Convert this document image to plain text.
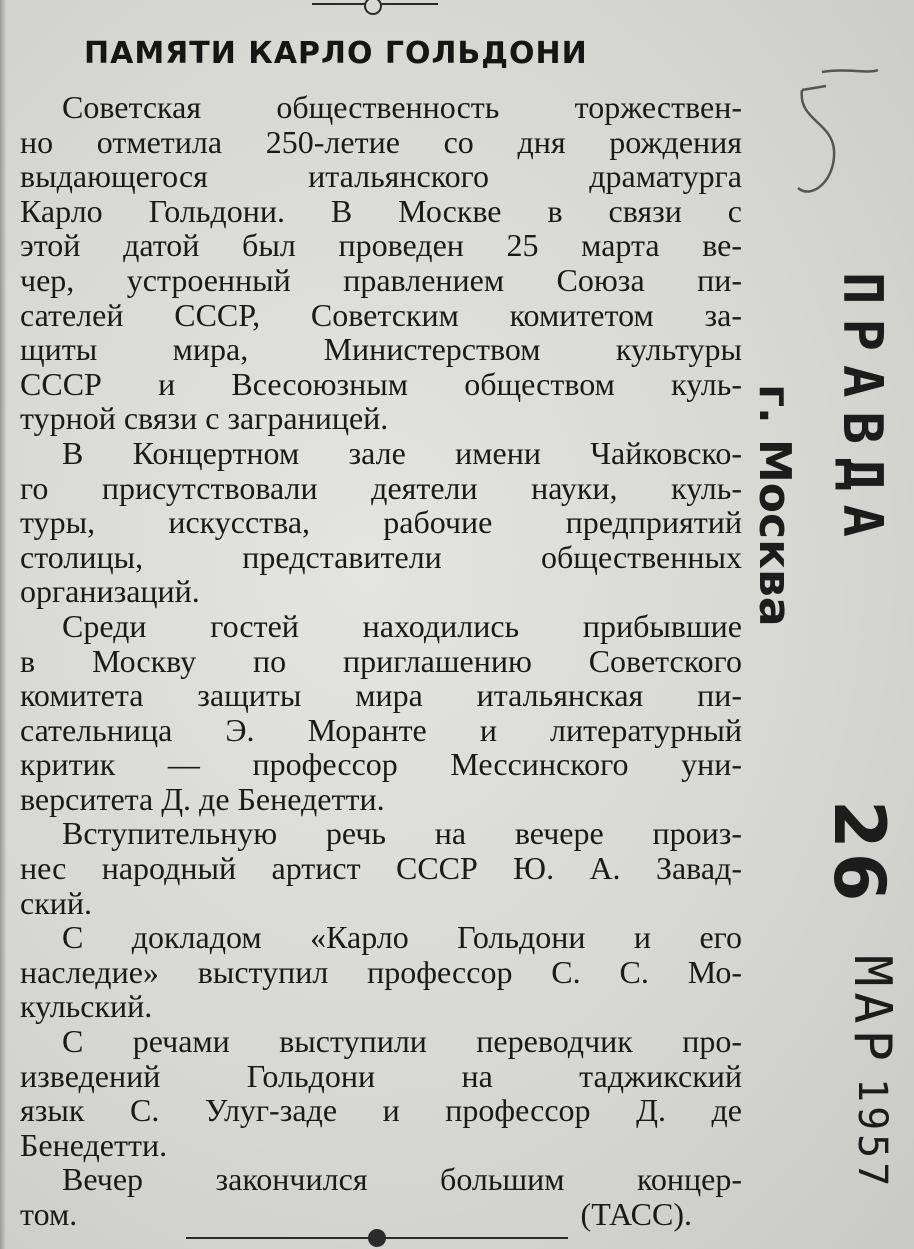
ПАМЯТИ КАРЛО ГОЛЬДОНИ
Советская общественность торжествен-
но отметила 250-летие со дня рождения
выдающегося итальянского драматурга
Карло Гольдони. В Москве в связи с
этой датой был проведен 25 марта ве-
чер, устроенный правлением Союза пи-
сателей СССР, Советским комитетом за-
щиты мира, Министерством культуры
СССР и Всесоюзным обществом куль-
турной связи с заграницей.
В Концертном зале имени Чайковско-
го присутствовали деятели науки, куль-
туры, искусства, рабочие предприятий
столицы, представители общественных
организаций.
Среди гостей находились прибывшие
в Москву по приглашению Советского
комитета защиты мира итальянская пи-
сательница Э. Моранте и литературный
критик — профессор Мессинского уни-
верситета Д. де Бенедетти.
Вступительную речь на вечере произ-
нес народный артист СССР Ю. А. Завад-
ский.
С докладом «Карло Гольдони и его
наследие» выступил профессор С. С. Мо-
кульский.
С речами выступили переводчик про-
изведений Гольдони на таджикский
язык С. Улуг-заде и профессор Д. де
Бенедетти.
Вечер закончился большим концер-
том.	(ТАСС).
ПРАВДА
г. Москва
26
МАР
1957
